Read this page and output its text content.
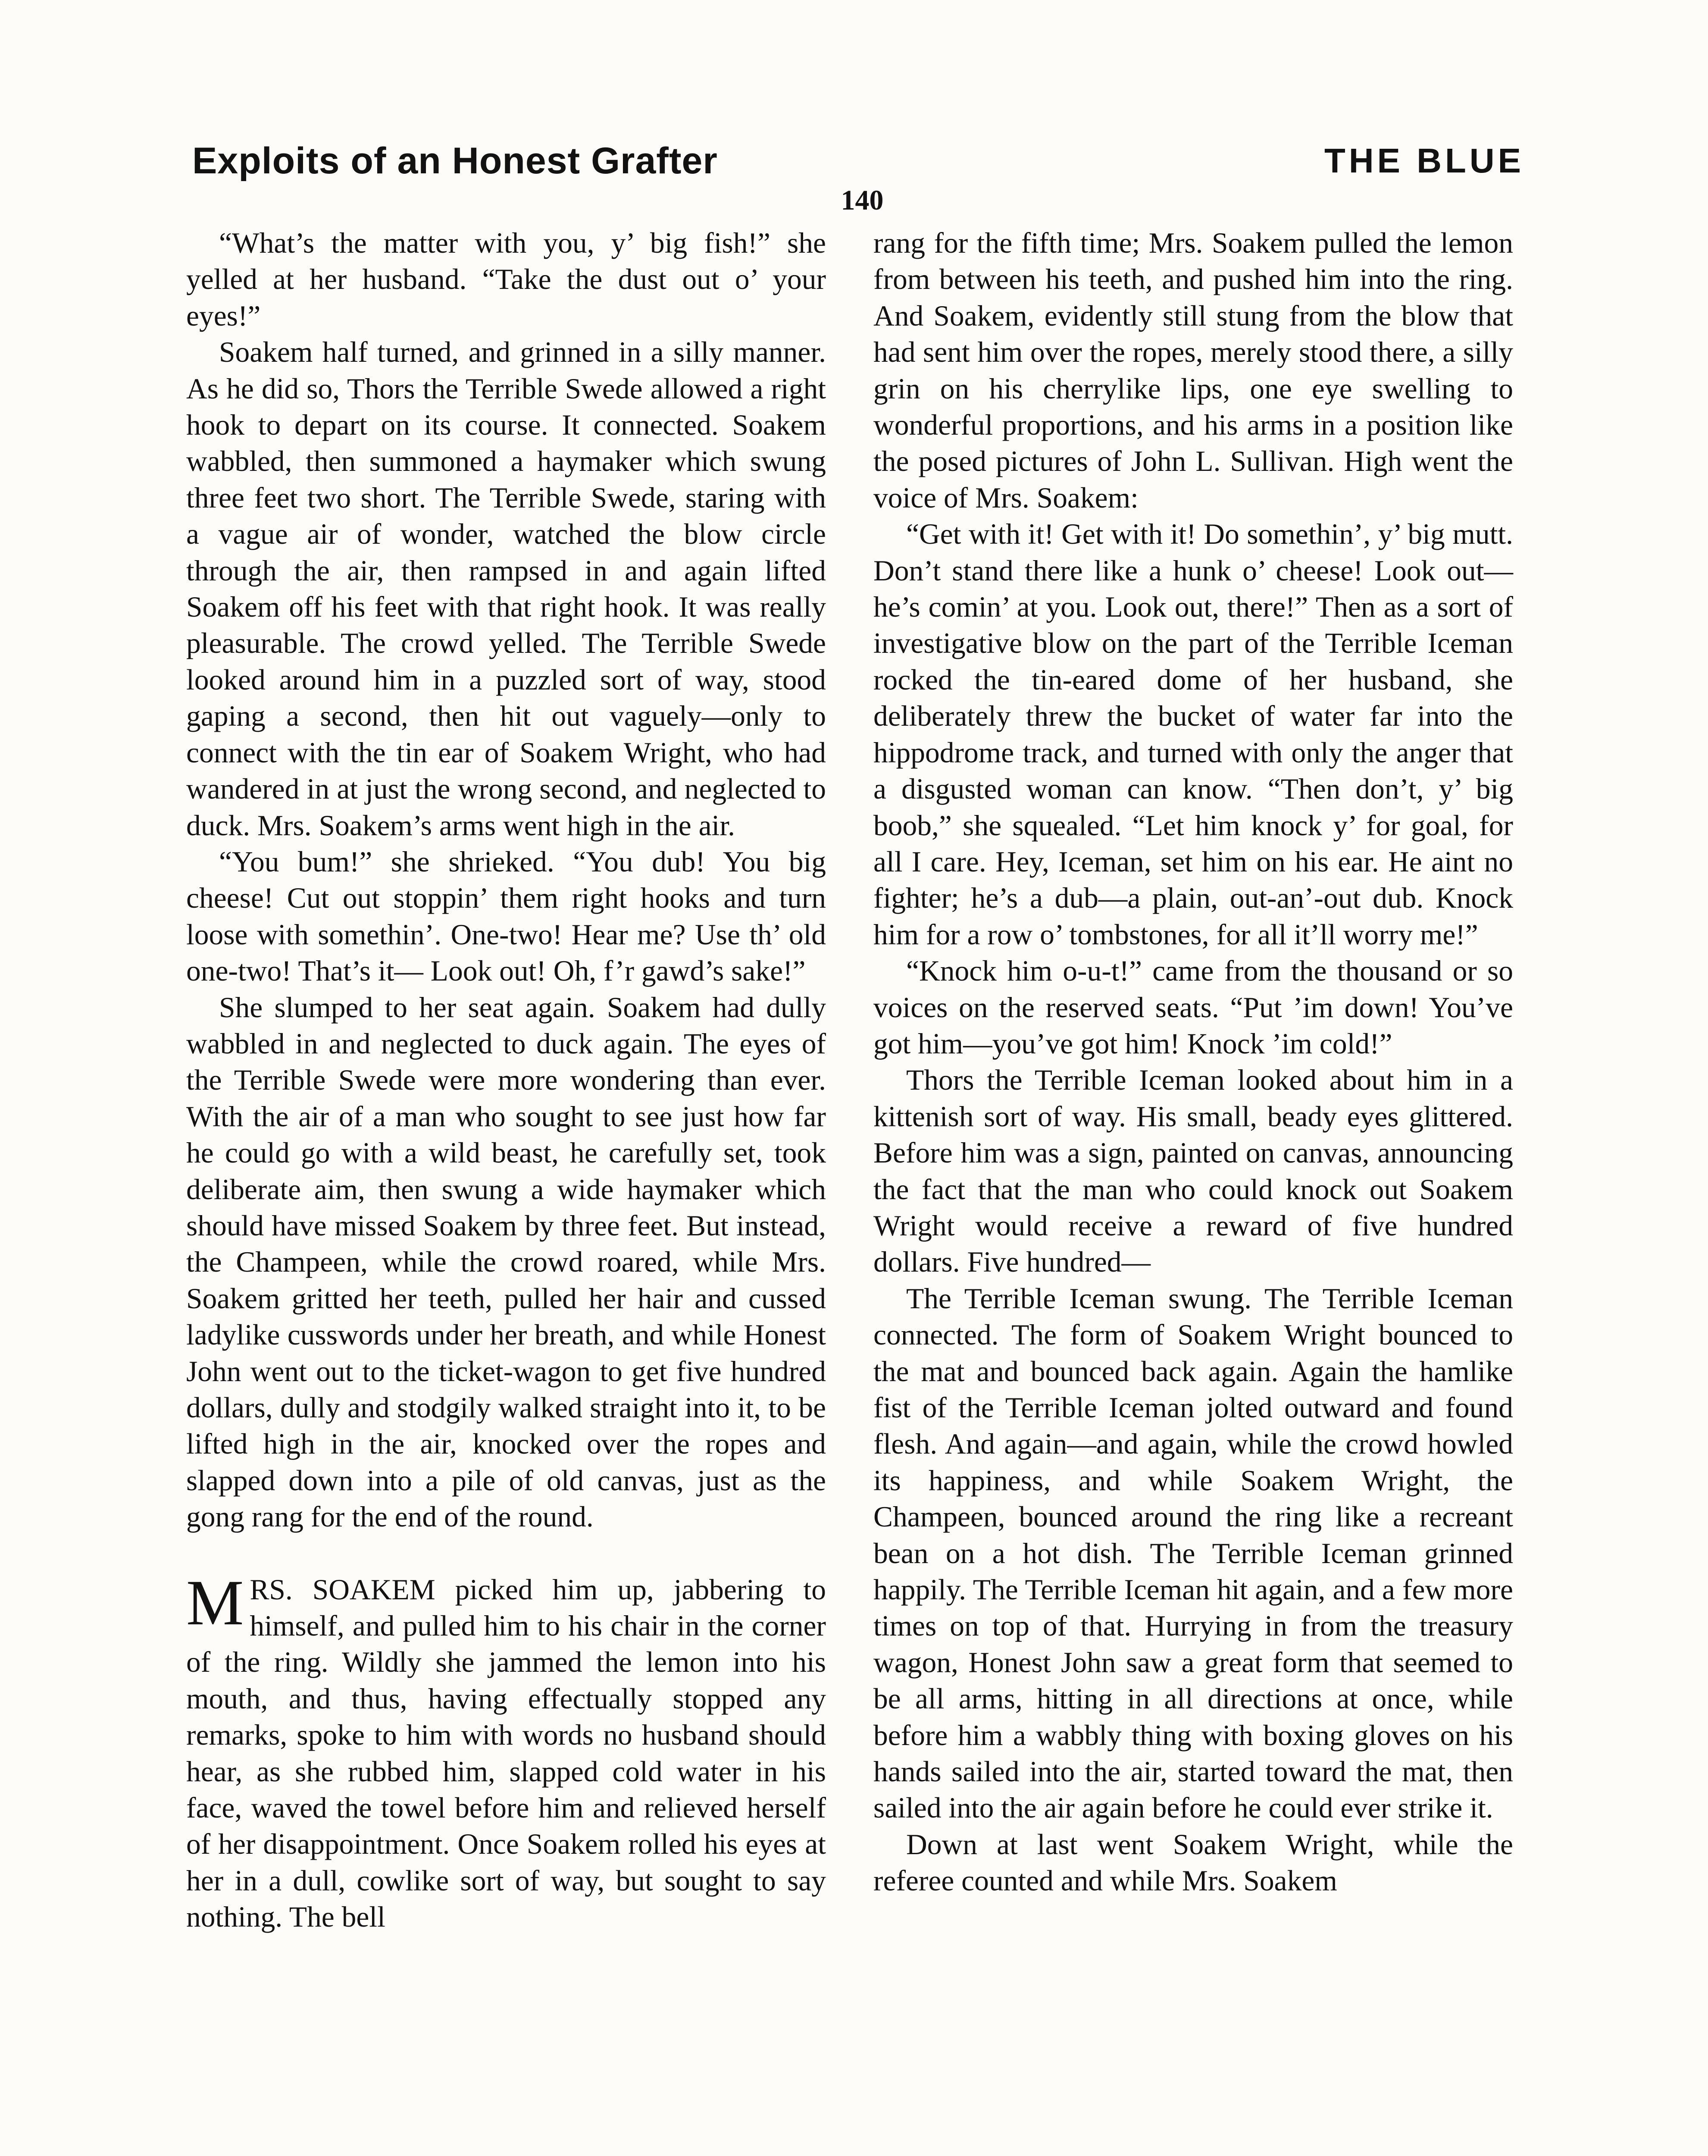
Exploits of an Honest Grafter	THE BLUE
140

“What’s the matter with you, y’ big fish!” she yelled at her husband. “Take the dust out o’ your eyes!”

Soakem half turned, and grinned in a silly manner. As he did so, Thors the Terrible Swede allowed a right hook to depart on its course. It connected. Soakem wabbled, then summoned a haymaker which swung three feet two short. The Terrible Swede, staring with a vague air of wonder, watched the blow circle through the air, then rampsed in and again lifted Soakem off his feet with that right hook. It was really pleasurable. The crowd yelled. The Terrible Swede looked around him in a puzzled sort of way, stood gaping a second, then hit out vaguely—only to connect with the tin ear of Soakem Wright, who had wandered in at just the wrong second, and neglected to duck. Mrs. Soakem’s arms went high in the air.

“You bum!” she shrieked. “You dub! You big cheese! Cut out stoppin’ them right hooks and turn loose with somethin’. One-two! Hear me? Use th’ old one-two! That’s it— Look out! Oh, f’r gawd’s sake!”

She slumped to her seat again. Soakem had dully wabbled in and neglected to duck again. The eyes of the Terrible Swede were more wondering than ever. With the air of a man who sought to see just how far he could go with a wild beast, he carefully set, took deliberate aim, then swung a wide haymaker which should have missed Soakem by three feet. But instead, the Champeen, while the crowd roared, while Mrs. Soakem gritted her teeth, pulled her hair and cussed ladylike cusswords under her breath, and while Honest John went out to the ticket-wagon to get five hundred dollars, dully and stodgily walked straight into it, to be lifted high in the air, knocked over the ropes and slapped down into a pile of old canvas, just as the gong rang for the end of the round.

MRS. SOAKEM picked him up, jabbering to himself, and pulled him to his chair in the corner of the ring. Wildly she jammed the lemon into his mouth, and thus, having effectually stopped any remarks, spoke to him with words no husband should hear, as she rubbed him, slapped cold water in his face, waved the towel before him and relieved herself of her disappointment. Once Soakem rolled his eyes at her in a dull, cowlike sort of way, but sought to say nothing. The bell

rang for the fifth time; Mrs. Soakem pulled the lemon from between his teeth, and pushed him into the ring. And Soakem, evidently still stung from the blow that had sent him over the ropes, merely stood there, a silly grin on his cherrylike lips, one eye swelling to wonderful proportions, and his arms in a position like the posed pictures of John L. Sullivan. High went the voice of Mrs. Soakem:

“Get with it! Get with it! Do somethin’, y’ big mutt. Don’t stand there like a hunk o’ cheese! Look out—he’s comin’ at you. Look out, there!” Then as a sort of investigative blow on the part of the Terrible Iceman rocked the tin-eared dome of her husband, she deliberately threw the bucket of water far into the hippodrome track, and turned with only the anger that a disgusted woman can know. “Then don’t, y’ big boob,” she squealed. “Let him knock y’ for goal, for all I care. Hey, Iceman, set him on his ear. He aint no fighter; he’s a dub—a plain, out-an’-out dub. Knock him for a row o’ tombstones, for all it’ll worry me!”

“Knock him o-u-t!” came from the thousand or so voices on the reserved seats. “Put ’im down! You’ve got him—you’ve got him! Knock ’im cold!”

Thors the Terrible Iceman looked about him in a kittenish sort of way. His small, beady eyes glittered. Before him was a sign, painted on canvas, announcing the fact that the man who could knock out Soakem Wright would receive a reward of five hundred dollars. Five hundred—

The Terrible Iceman swung. The Terrible Iceman connected. The form of Soakem Wright bounced to the mat and bounced back again. Again the hamlike fist of the Terrible Iceman jolted outward and found flesh. And again—and again, while the crowd howled its happiness, and while Soakem Wright, the Champeen, bounced around the ring like a recreant bean on a hot dish. The Terrible Iceman grinned happily. The Terrible Iceman hit again, and a few more times on top of that. Hurrying in from the treasury wagon, Honest John saw a great form that seemed to be all arms, hitting in all directions at once, while before him a wabbly thing with boxing gloves on his hands sailed into the air, started toward the mat, then sailed into the air again before he could ever strike it.

Down at last went Soakem Wright, while the referee counted and while Mrs. Soakem
